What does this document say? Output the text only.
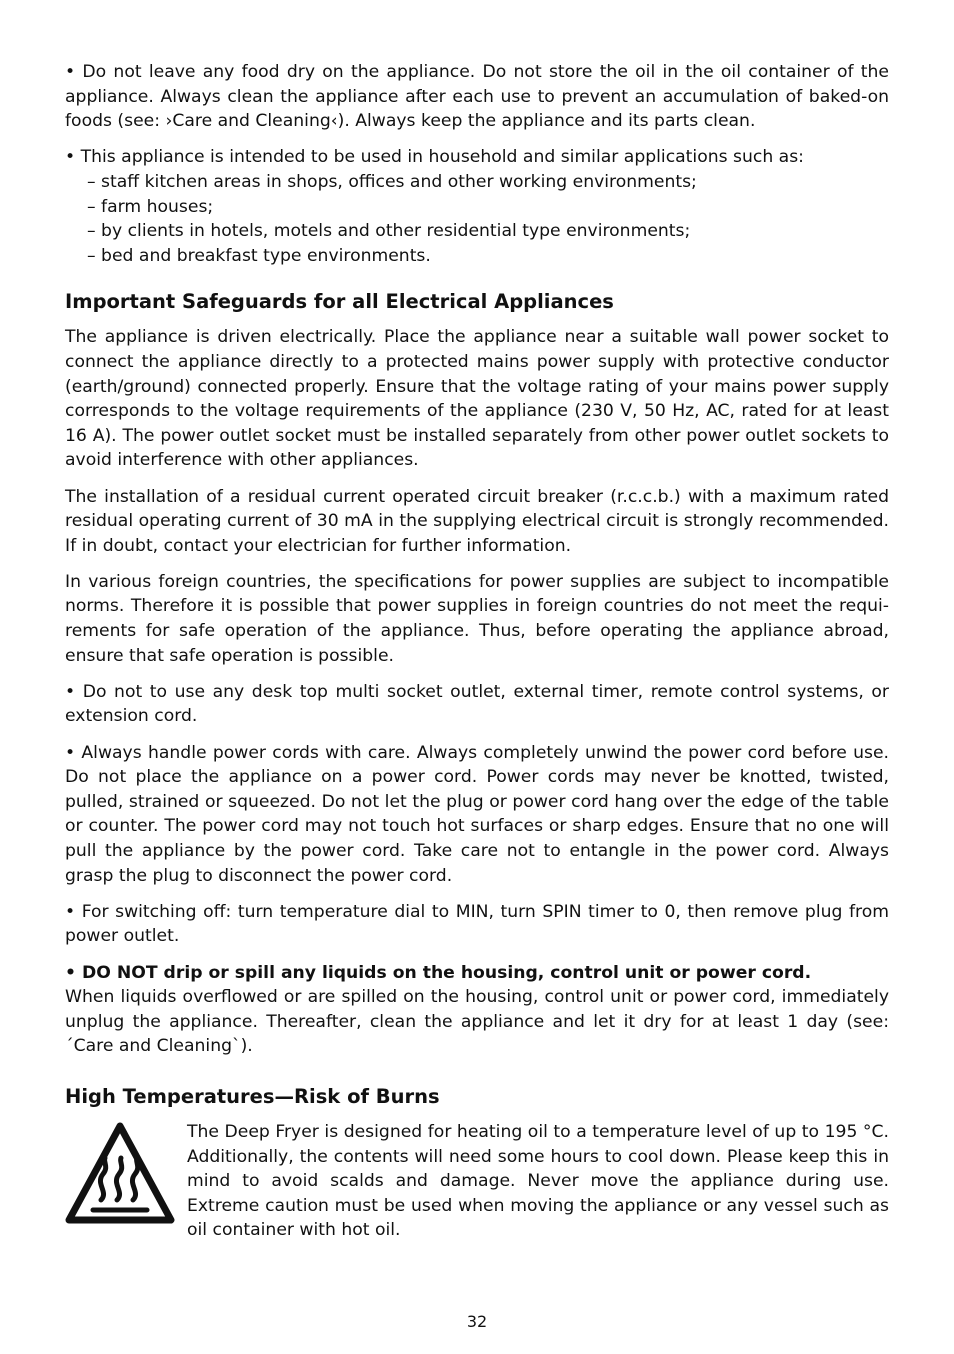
• Do not leave any food dry on the appliance. Do not store the oil in the oil container of the appliance. Always clean the appliance after each use to prevent an accumulation of baked-on foods (see: ›Care and Cleaning‹). Always keep the appliance and its parts clean.

• This appliance is intended to be used in household and similar applications such as:
– staff kitchen areas in shops, offices and other working environments;
– farm houses;
– by clients in hotels, motels and other residential type environments;
– bed and breakfast type environments.
Important Safeguards for all Electrical Appliances

The appliance is driven electrically. Place the appliance near a suitable wall power socket to connect the appliance directly to a protected mains power supply with protective conductor (earth/ground) connected properly. Ensure that the voltage rating of your mains power supply corresponds to the voltage requirements of the appliance (230 V, 50 Hz, AC, rated for at least 16 A). The power outlet socket must be installed separately from other power outlet sockets to avoid interference with other appliances.

The installation of a residual current operated circuit breaker (r.c.c.b.) with a maximum rated residual operating current of 30 mA in the supplying electrical circuit is strongly recommended. If in doubt, contact your electrician for further information.

In various foreign countries, the specifications for power supplies are subject to incompatible norms. Therefore it is possible that power supplies in foreign countries do not meet the requirements for safe operation of the appliance. Thus, before operating the appliance abroad, ensure that safe operation is possible.

• Do not to use any desk top multi socket outlet, external timer, remote control systems, or extension cord.

• Always handle power cords with care. Always completely unwind the power cord before use. Do not place the appliance on a power cord. Power cords may never be knotted, twisted, pulled, strained or squeezed. Do not let the plug or power cord hang over the edge of the table or counter. The power cord may not touch hot surfaces or sharp edges. Ensure that no one will pull the appliance by the power cord. Take care not to entangle in the power cord. Always grasp the plug to disconnect the power cord.

• For switching off: turn temperature dial to MIN, turn SPIN timer to 0, then remove plug from power outlet.

• DO NOT drip or spill any liquids on the housing, control unit or power cord.
When liquids overflowed or are spilled on the housing, control unit or power cord, immediately unplug the appliance. Thereafter, clean the appliance and let it dry for at least 1 day (see: ´Care and Cleaning`).

High Temperatures—Risk of Burns

The Deep Fryer is designed for heating oil to a temperature level of up to 195 °C. Additionally, the contents will need some hours to cool down. Please keep this in mind to avoid scalds and damage. Never move the appliance during use. Extreme caution must be used when moving the appliance or any vessel such as oil container with hot oil.

32
